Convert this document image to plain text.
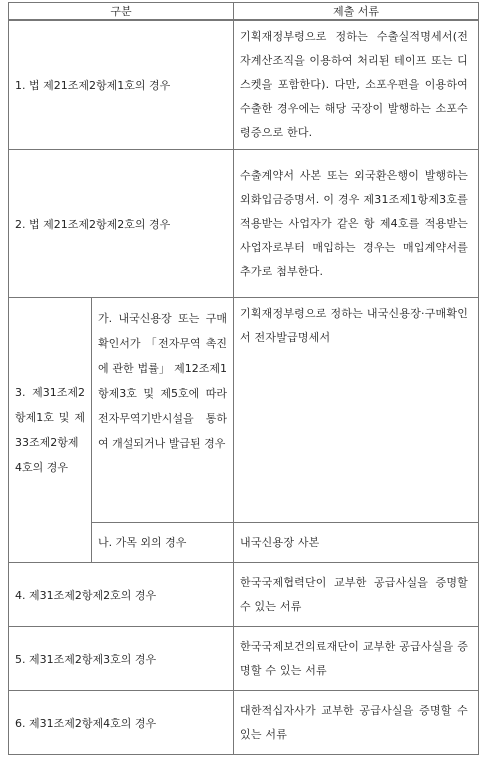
구분		제출 서류
1. 법 제21조제2항제1호의 경우		기획재정부령으로 정하는 수출실적명세서(전자계산조직을 이용하여 처리된 테이프 또는 디스켓을 포함한다). 다만, 소포우편을 이용하여 수출한 경우에는 해당 국장이 발행하는 소포수령증으로 한다.
2. 법 제21조제2항제2호의 경우		수출계약서 사본 또는 외국환은행이 발행하는 외화입금증명서. 이 경우 제31조제1항제3호를 적용받는 사업자가 같은 항 제4호를 적용받는 사업자로부터 매입하는 경우는 매입계약서를 추가로 첨부한다.
3. 제31조제2항제1호 및 제33조제2항제4호의 경우	가. 내국신용장 또는 구매확인서가 「전자무역 촉진에 관한 법률」 제12조제1항제3호 및 제5호에 따라 전자무역기반시설을 통하여 개설되거나 발급된 경우	기획재정부령으로 정하는 내국신용장·구매확인서 전자발급명세서
	나. 가목 외의 경우	내국신용장 사본
4. 제31조제2항제2호의 경우		한국국제협력단이 교부한 공급사실을 증명할 수 있는 서류
5. 제31조제2항제3호의 경우		한국국제보건의료재단이 교부한 공급사실을 증명할 수 있는 서류
6. 제31조제2항제4호의 경우		대한적십자사가 교부한 공급사실을 증명할 수 있는 서류
